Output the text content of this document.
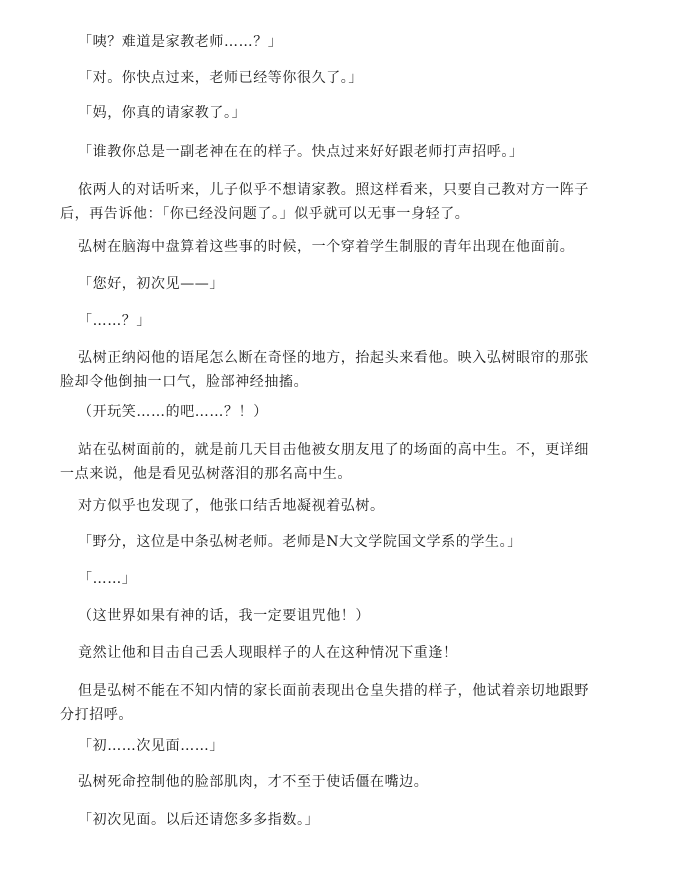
「咦？难道是家教老师……？」
「对。你快点过来，老师已经等你很久了。」
「妈，你真的请家教了。」
「谁教你总是一副老神在在的样子。快点过来好好跟老师打声招呼。」
依两人的对话听来，儿子似乎不想请家教。照这样看来，只要自己教对方一阵子
后，再告诉他：「你已经没问题了。」似乎就可以无事一身轻了。
弘树在脑海中盘算着这些事的时候，一个穿着学生制服的青年出现在他面前。
「您好，初次见——」
「……？」
弘树正纳闷他的语尾怎么断在奇怪的地方，抬起头来看他。映入弘树眼帘的那张
脸却令他倒抽一口气，脸部神经抽搐。
（开玩笑……的吧……？！）
站在弘树面前的，就是前几天目击他被女朋友甩了的场面的高中生。不，更详细
一点来说，他是看见弘树落泪的那名高中生。
对方似乎也发现了，他张口结舌地凝视着弘树。
「野分，这位是中条弘树老师。老师是N大文学院国文学系的学生。」
「……」
（这世界如果有神的话，我一定要诅咒他！）
竟然让他和目击自己丢人现眼样子的人在这种情况下重逢！
但是弘树不能在不知内情的家长面前表现出仓皇失措的样子，他试着亲切地跟野
分打招呼。
「初……次见面……」
弘树死命控制他的脸部肌肉，才不至于使话僵在嘴边。
「初次见面。以后还请您多多指数。」
